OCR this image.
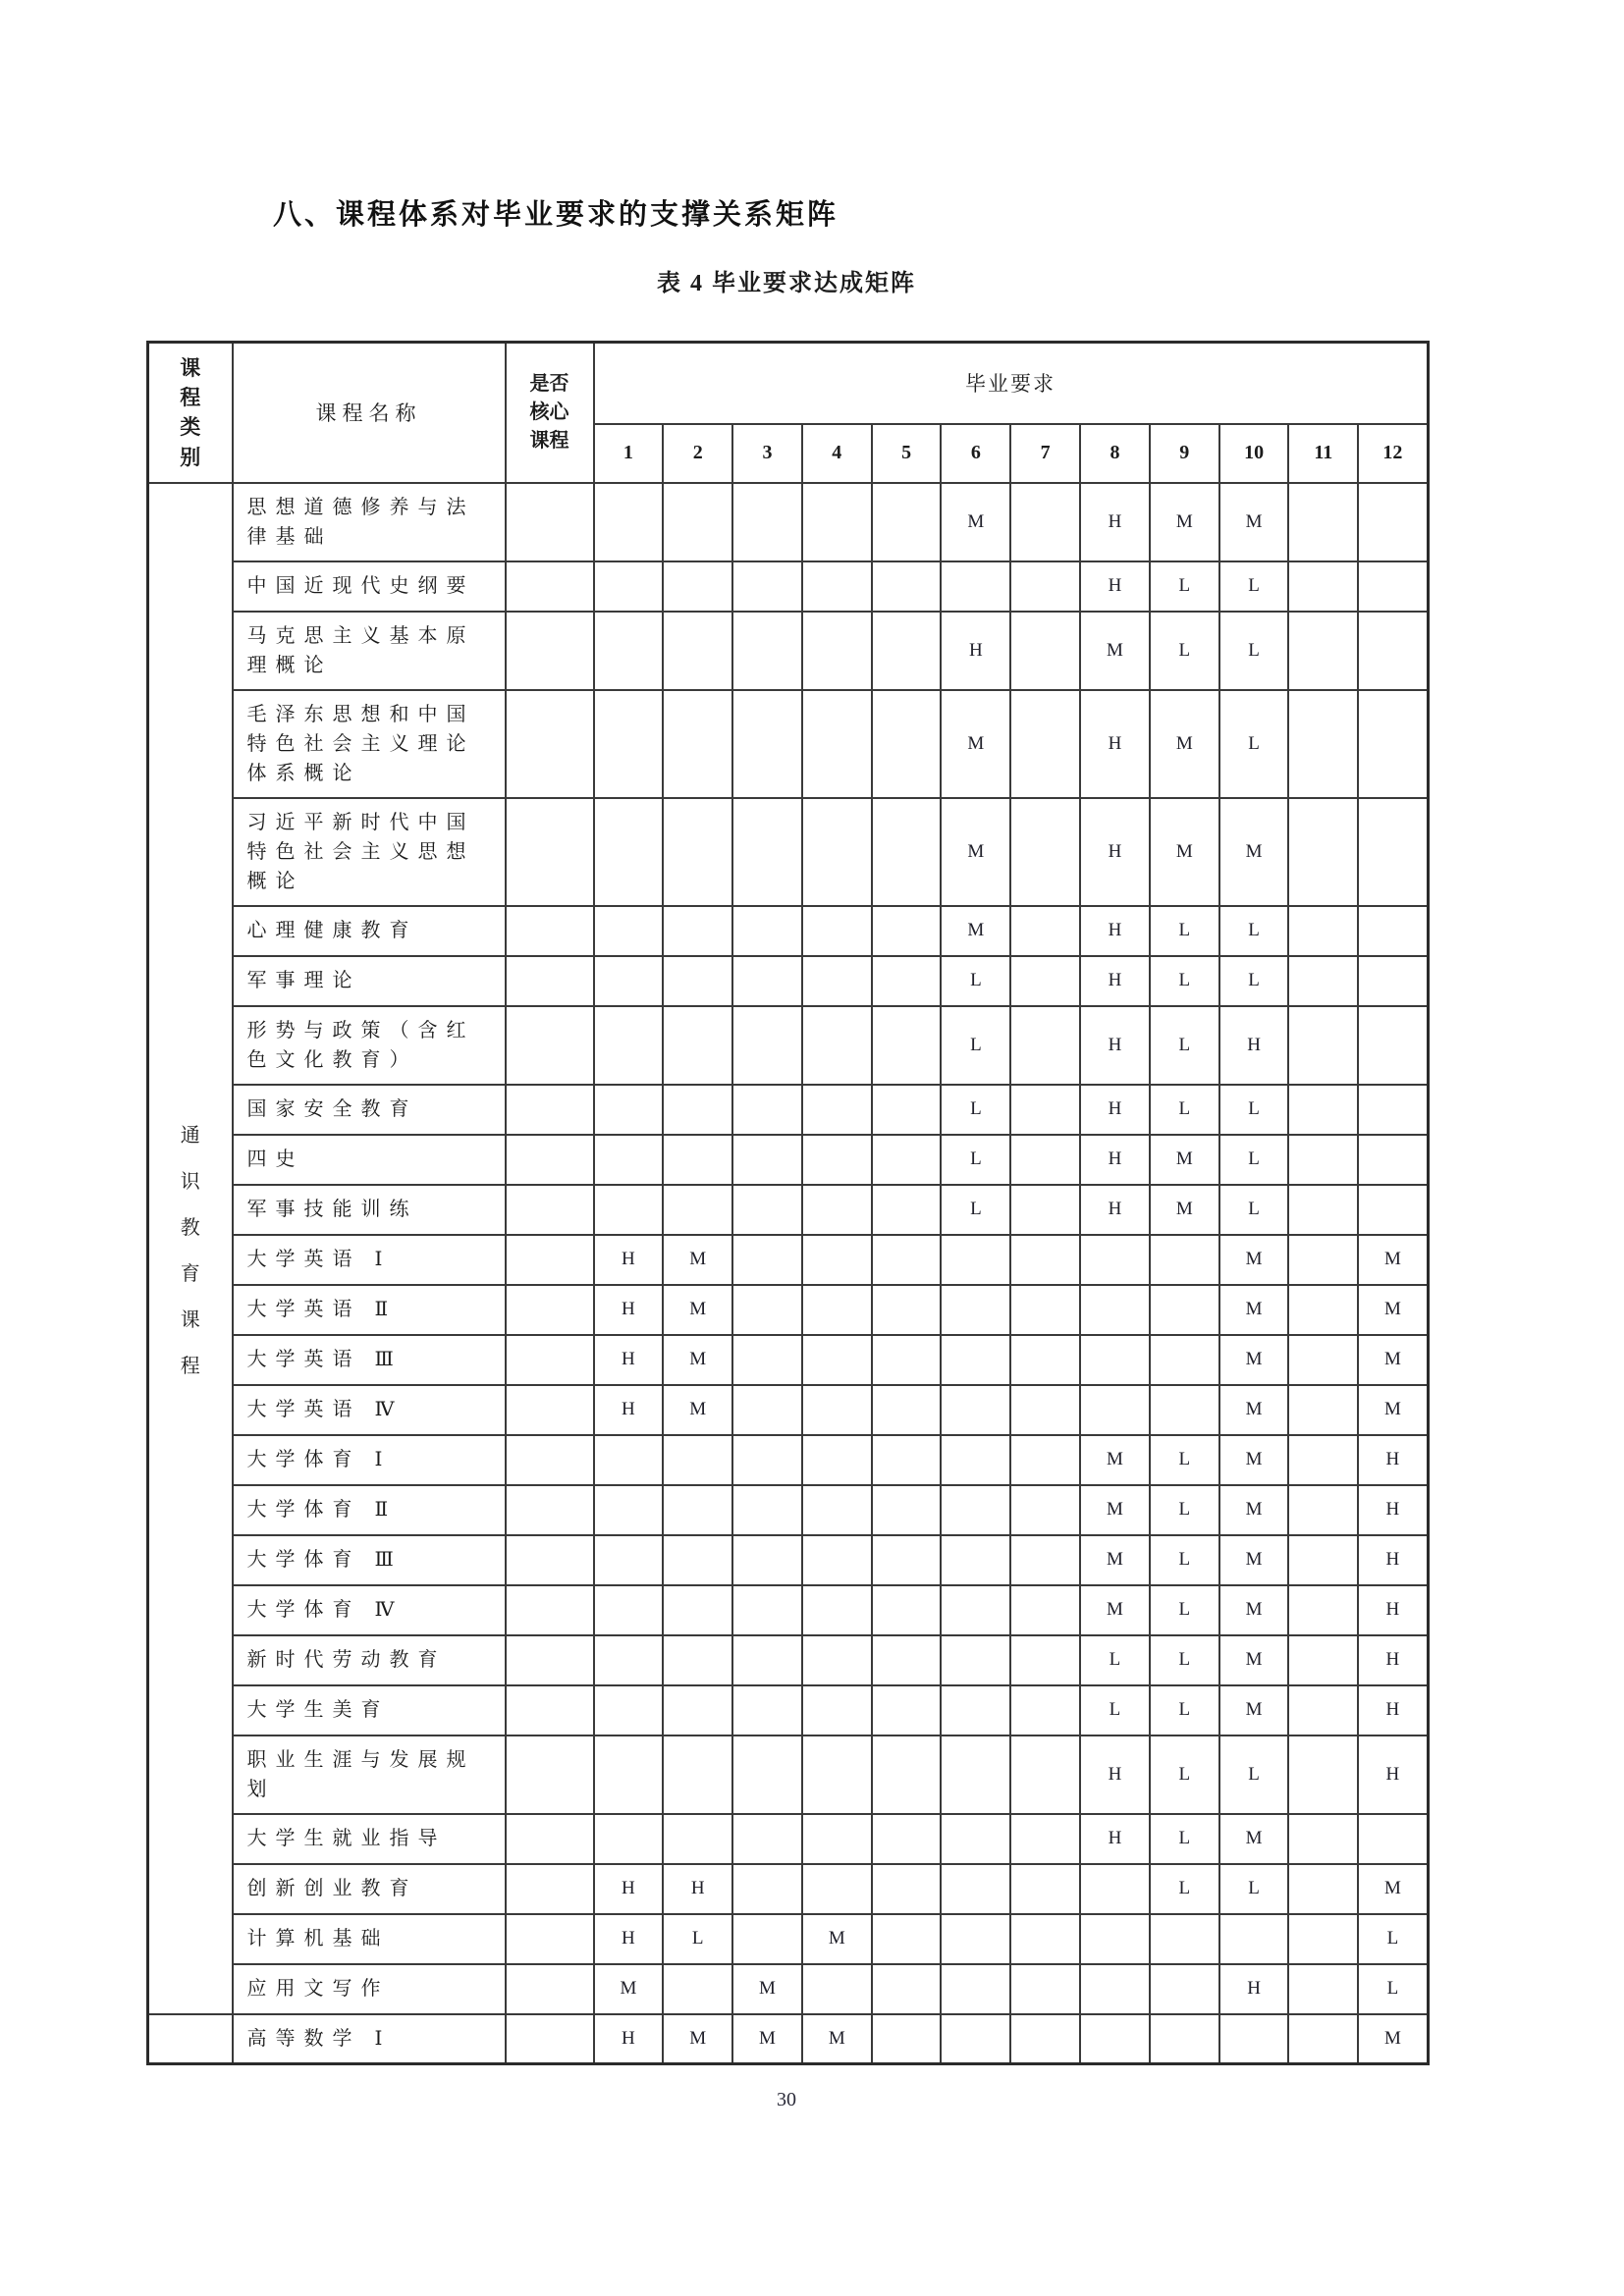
八、课程体系对毕业要求的支撑关系矩阵
表 4 毕业要求达成矩阵
课
程
类
别	课程名称	是否核心课程	毕业要求											
			1	2	3	4	5	6	7	8	9	10	11	12

通
识
教
育
课
程
	思想道德修养与法律基础							M		H	M	M		
	中国近现代史纲要									H	L	L		
	马克思主义基本原理概论							H		M	L	L		
	毛泽东思想和中国特色社会主义理论体系概论							M		H	M	L		
	习近平新时代中国特色社会主义思想概论							M		H	M	M		
	心理健康教育							M		H	L	L		
	军事理论							L		H	L	L		
	形势与政策（含红色文化教育）							L		H	L	H		
	国家安全教育							L		H	L	L		
	四史							L		H	M	L		
	军事技能训练							L		H	M	L		
	大学英语 Ⅰ		H	M								M		M
	大学英语 Ⅱ		H	M								M		M
	大学英语 Ⅲ		H	M								M		M
	大学英语 Ⅳ		H	M								M		M
	大学体育 Ⅰ									M	L	M		H
	大学体育 Ⅱ									M	L	M		H
	大学体育 Ⅲ									M	L	M		H
	大学体育 Ⅳ									M	L	M		H
	新时代劳动教育									L	L	M		H
	大学生美育									L	L	M		H
	职业生涯与发展规划									H	L	L		H
	大学生就业指导									H	L	M		
	创新创业教育		H	H							L	L		M
	计算机基础		H	L		M								L
	应用文写作		M		M							H		L
	高等数学 Ⅰ		H	M	M	M								M
30
